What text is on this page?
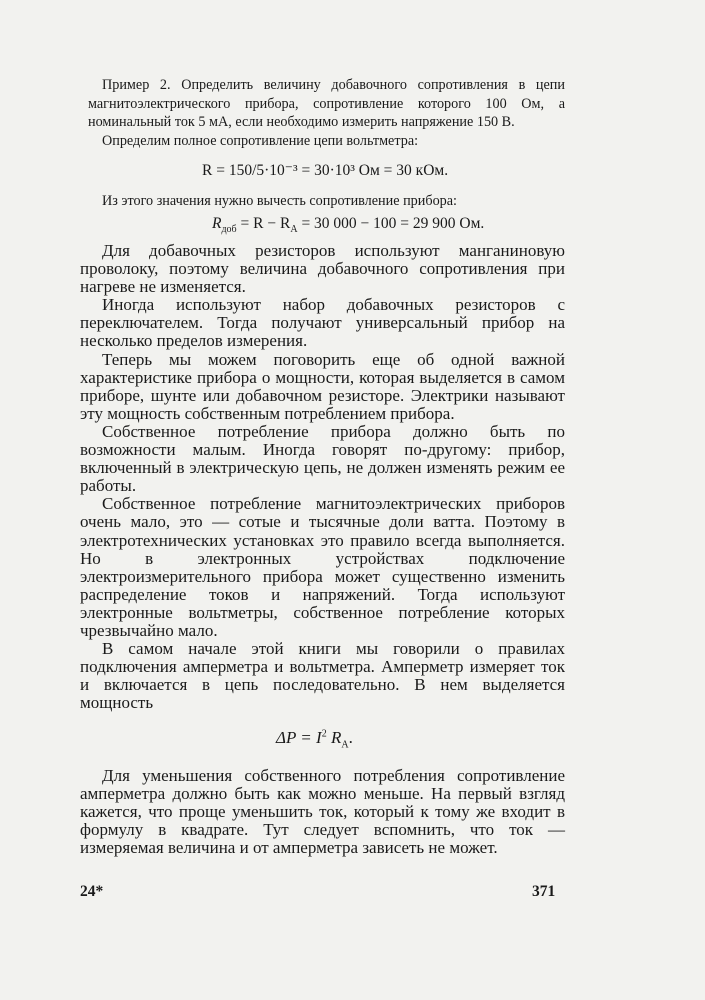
Пример 2. Определить величину добавочного сопротивления в цепи магнитоэлектрического прибора, сопротивление которого 100 Ом, а номинальный ток 5 мА, если необходимо измерить напряжение 150 В.
Определим полное сопротивление цепи вольтметра:
R = 150/5·10⁻³ = 30·10³ Ом = 30 кОм.
Из этого значения нужно вычесть сопротивление прибора:
$R_{доб} = R - R_А = 30$ 000 − 100 = 29 900 Ом.

Для добавочных резисторов используют манганиновую проволоку, поэтому величина добавочного сопротивления при нагреве не изменяется.

Иногда используют набор добавочных резисторов с переключателем. Тогда получают универсальный прибор на несколько пределов измерения.

Теперь мы можем поговорить еще об одной важной характеристике прибора о мощности, которая выделяется в самом приборе, шунте или добавочном резисторе. Электрики называют эту мощность собственным потреблением прибора.

Собственное потребление прибора должно быть по возможности малым. Иногда говорят по-другому: прибор, включенный в электрическую цепь, не должен изменять режим ее работы.

Собственное потребление магнитоэлектрических приборов очень мало, это — сотые и тысячные доли ватта. Поэтому в электротехнических установках это правило всегда выполняется. Но в электронных устройствах подключение электроизмерительного прибора может существенно изменить распределение токов и напряжений. Тогда используют электронные вольтметры, собственное потребление которых чрезвычайно мало.

В самом начале этой книги мы говорили о правилах подключения амперметра и вольтметра. Амперметр измеряет ток и включается в цепь последовательно. В нем выделяется мощность

$\Delta P = I^2$ $R_А$.

Для уменьшения собственного потребления сопротивление амперметра должно быть как можно меньше. На первый взгляд кажется, что проще уменьшить ток, который к тому же входит в формулу в квадрате. Тут следует вспомнить, что ток — измеряемая величина и от амперметра зависеть не может.

24*	371
